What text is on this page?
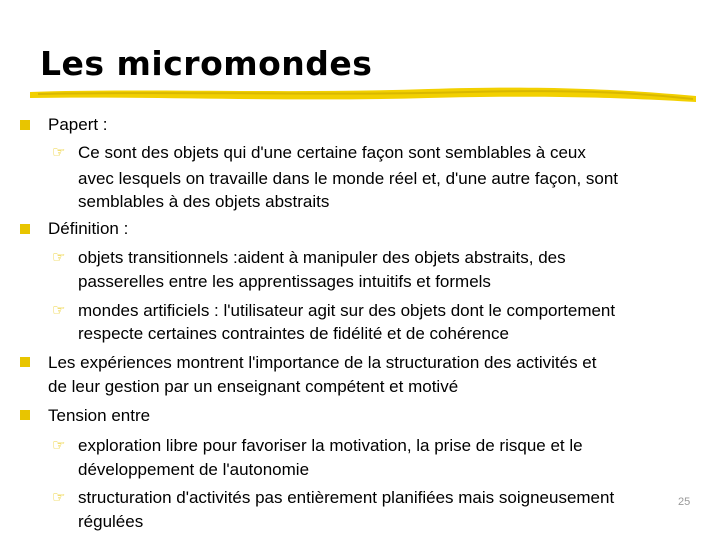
Les micromondes
Papert :
☞ Ce sont des objets qui d'une certaine façon sont semblables à ceux
avec lesquels on travaille dans le monde réel et, d'une autre façon, sont
semblables à des objets abstraits
Définition :
☞ objets transitionnels :aident à manipuler des objets abstraits, des
passerelles entre les apprentissages intuitifs et formels
☞ mondes artificiels : l'utilisateur agit sur des objets dont le comportement
respecte certaines contraintes de fidélité et de cohérence
Les expériences montrent l'importance de la structuration des activités et
de leur gestion par un enseignant compétent et motivé
Tension entre
☞ exploration libre pour favoriser la motivation, la prise de risque et le
développement de l'autonomie
☞ structuration d'activités pas entièrement planifiées mais soigneusement
régulées
25
